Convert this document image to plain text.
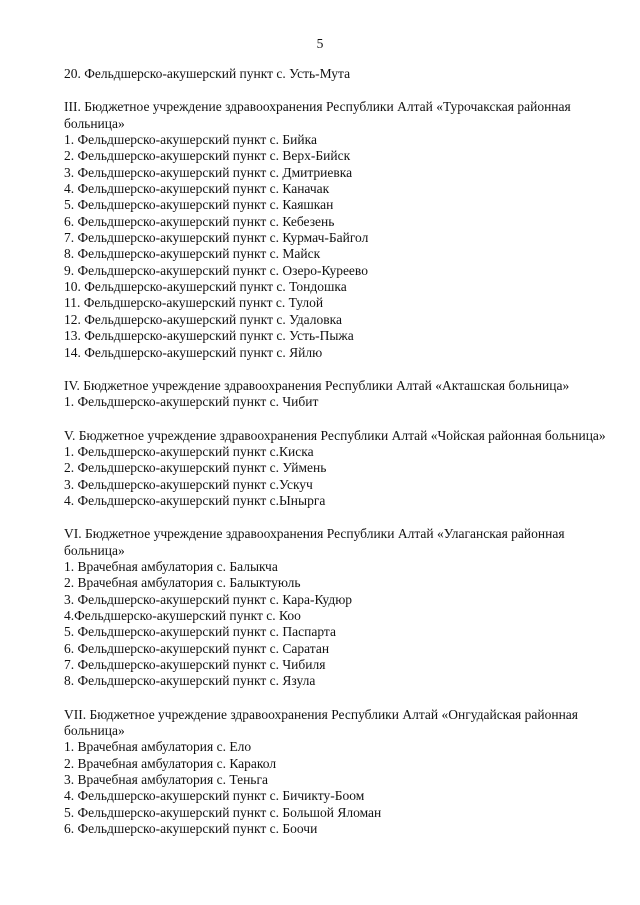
5

20. Фельдшерско-акушерский пункт с. Усть-Мута

III. Бюджетное учреждение здравоохранения Республики Алтай «Турочакская районная больница»

1. Фельдшерско-акушерский пункт с. Бийка

2. Фельдшерско-акушерский пункт с. Верх-Бийск

3. Фельдшерско-акушерский пункт с. Дмитриевка

4. Фельдшерско-акушерский пункт с. Каначак

5. Фельдшерско-акушерский пункт с. Каяшкан

6. Фельдшерско-акушерский пункт с. Кебезень

7. Фельдшерско-акушерский пункт с. Курмач-Байгол

8. Фельдшерско-акушерский пункт с. Майск

9. Фельдшерско-акушерский пункт с. Озеро-Куреево

10. Фельдшерско-акушерский пункт с. Тондошка

11. Фельдшерско-акушерский пункт с. Тулой

12. Фельдшерско-акушерский пункт с. Удаловка

13. Фельдшерско-акушерский пункт с. Усть-Пыжа

14. Фельдшерско-акушерский пункт с. Яйлю

IV. Бюджетное учреждение здравоохранения Республики Алтай «Акташская больница»

1. Фельдшерско-акушерский пункт с. Чибит

V. Бюджетное учреждение здравоохранения Республики Алтай «Чойская районная больница»

1. Фельдшерско-акушерский пункт с.Киска

2. Фельдшерско-акушерский пункт с. Уймень

3. Фельдшерско-акушерский пункт с.Ускуч

4. Фельдшерско-акушерский пункт с.Ынырга

VI. Бюджетное учреждение здравоохранения Республики Алтай «Улаганская районная больница»

1. Врачебная амбулатория с. Балыкча

2. Врачебная амбулатория с. Балыктуюль

3. Фельдшерско-акушерский пункт с. Кара-Кудюр

4.Фельдшерско-акушерский пункт с. Коо

5. Фельдшерско-акушерский пункт с. Паспарта

6. Фельдшерско-акушерский пункт с. Саратан

7. Фельдшерско-акушерский пункт с. Чибиля

8. Фельдшерско-акушерский пункт с. Язула

VII. Бюджетное учреждение здравоохранения Республики Алтай «Онгудайская районная больница»

1. Врачебная амбулатория с. Ело

2. Врачебная амбулатория с. Каракол

3. Врачебная амбулатория с. Теньга

4. Фельдшерско-акушерский пункт с. Бичикту-Боом

5. Фельдшерско-акушерский пункт с. Большой Яломан

6. Фельдшерско-акушерский пункт с. Боочи
